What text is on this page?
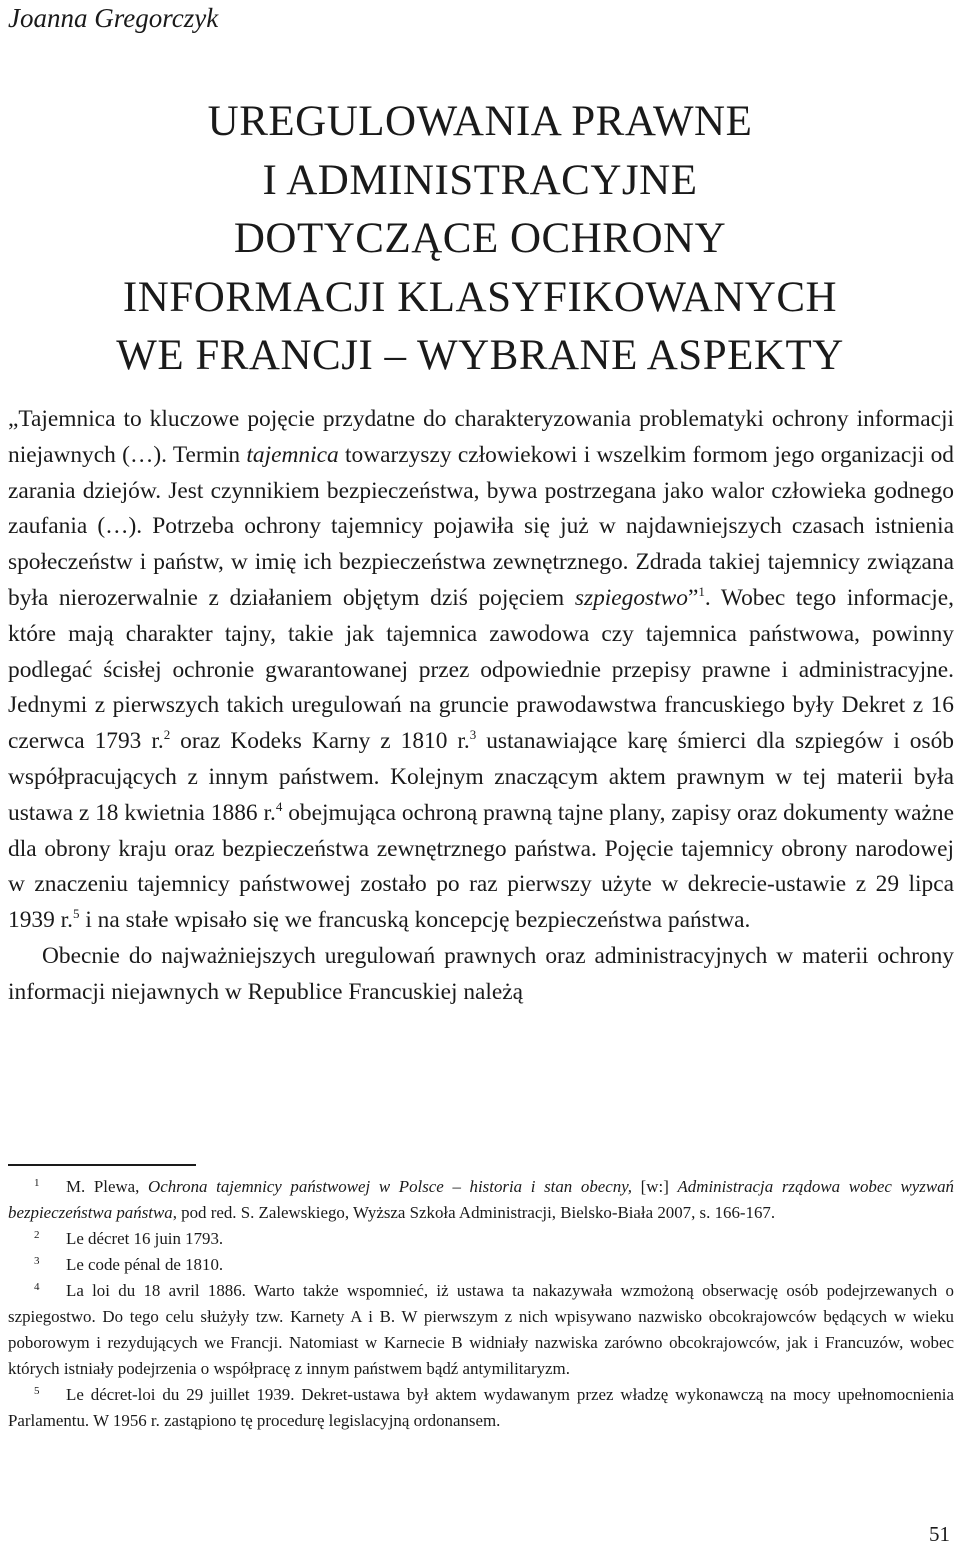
Joanna Gregorczyk
UREGULOWANIA PRAWNE
I ADMINISTRACYJNE
DOTYCZĄCE OCHRONY
INFORMACJI KLASYFIKOWANYCH
WE FRANCJI – WYBRANE ASPEKTY

„Tajemnica to kluczowe pojęcie przydatne do charakteryzowania problematyki ochrony informacji niejawnych (…). Termin tajemnica towarzyszy człowiekowi i wszelkim formom jego organizacji od zarania dziejów. Jest czynnikiem bezpieczeństwa, bywa postrzegana jako walor człowieka godnego zaufania (…). Potrzeba ochrony tajemnicy pojawiła się już w najdawniejszych czasach istnienia społeczeństw i państw, w imię ich bezpieczeństwa zewnętrznego. Zdrada takiej tajemnicy związana była nierozerwalnie z działaniem objętym dziś pojęciem szpiegostwo”$^1$. Wobec tego informacje, które mają charakter tajny, takie jak tajemnica zawodowa czy tajemnica państwowa, powinny podlegać ścisłej ochronie gwarantowanej przez odpowiednie przepisy prawne i administracyjne. Jednymi z pierwszych takich uregulowań na gruncie prawodawstwa francuskiego były Dekret z 16 czerwca 1793 r.$^2$ oraz Kodeks Karny z 1810 r.$^3$ ustanawiające karę śmierci dla szpiegów i osób współpracujących z innym państwem. Kolejnym znaczącym aktem prawnym w tej materii była ustawa z 18 kwietnia 1886 r.$^4$ obejmująca ochroną prawną tajne plany, zapisy oraz dokumenty ważne dla obrony kraju oraz bezpieczeństwa zewnętrznego państwa. Pojęcie tajemnicy obrony narodowej w znaczeniu tajemnicy państwowej zostało po raz pierwszy użyte w dekrecie-ustawie z 29 lipca 1939 r.$^5$ i na stałe wpisało się we francuską koncepcję bezpieczeństwa państwa.

Obecnie do najważniejszych uregulowań prawnych oraz administracyjnych w materii ochrony informacji niejawnych w Republice Francuskiej należą

1 M. Plewa, Ochrona tajemnicy państwowej w Polsce – historia i stan obecny, [w:] Administracja rządowa wobec wyzwań bezpieczeństwa państwa, pod red. S. Zalewskiego, Wyższa Szkoła Administracji, Bielsko-Biała 2007, s. 166-167.

2 Le décret 16 juin 1793.

3 Le code pénal de 1810.

4 La loi du 18 avril 1886. Warto także wspomnieć, iż ustawa ta nakazywała wzmożoną obserwację osób podejrzewanych o szpiegostwo. Do tego celu służyły tzw. Karnety A i B. W pierwszym z nich wpisywano nazwisko obcokrajowców będących w wieku poborowym i rezydujących we Francji. Natomiast w Karnecie B widniały nazwiska zarówno obcokrajowców, jak i Francuzów, wobec których istniały podejrzenia o współpracę z innym państwem bądź antymilitaryzm.

5 Le décret-loi du 29 juillet 1939. Dekret-ustawa był aktem wydawanym przez władzę wykonawczą na mocy upełnomocnienia Parlamentu. W 1956 r. zastąpiono tę procedurę legislacyjną ordonansem.

51
